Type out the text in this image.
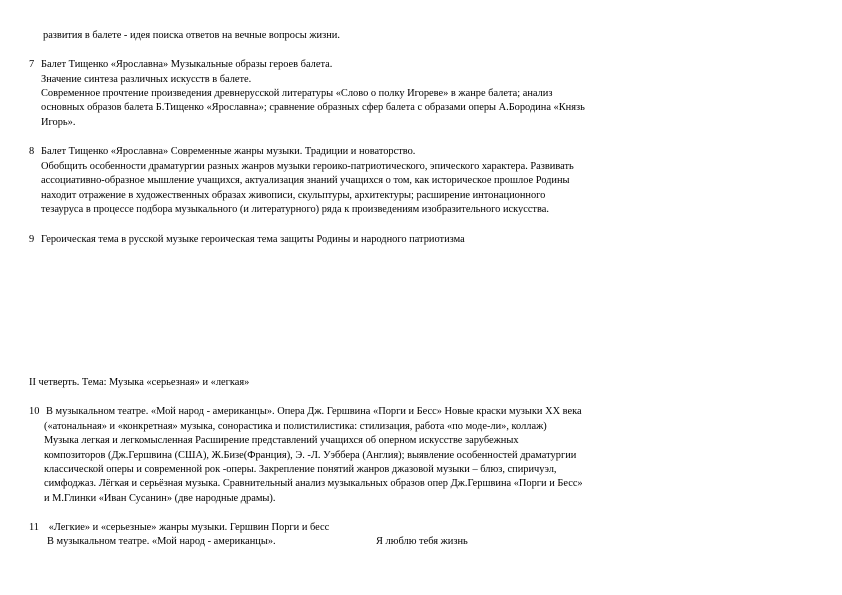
развития в балете - идея поиска ответов на вечные вопросы жизни.
7 Балет Тищенко «Ярославна» Музыкальные образы героев балета.
Значение синтеза различных искусств в балете.
Современное прочтение произведения древнерусской литературы «Слово о полку Игореве» в жанре балета; анализ
основных образов балета Б.Тищенко «Ярославна»; сравнение образных сфер балета с образами оперы А.Бородина «Князь
Игорь».
8 Балет Тищенко «Ярославна» Современные жанры музыки. Традиции и новаторство.
Обобщить особенности драматургии разных жанров музыки героико-патриотического, эпического характера. Развивать
ассоциативно-образное мышление учащихся, актуализация знаний учащихся о том, как историческое прошлое Родины
находит отражение в художественных образах живописи, скульптуры, архитектуры; расширение интонационного
тезауруса в процессе подбора музыкального (и литературного) ряда к произведениям изобразительного искусства.
9 Героическая тема в русской музыке героическая тема защиты Родины и народного патриотизма
II четверть. Тема: Музыка «серьезная» и «легкая»
10 В музыкальном театре. «Мой народ - американцы». Опера Дж. Гершвина «Порги и Бесс» Новые краски музыки XX века
(«атональная» и «конкретная» музыка, сонорастика и полистилистика: стилизация, работа «по моде-ли», коллаж)
Музыка легкая и легкомысленная Расширение представлений учащихся об оперном искусстве зарубежных
композиторов (Дж.Гершвина (США), Ж.Бизе(Франция), Э. -Л. Уэббера (Англия); выявление особенностей драматургии
классической оперы и современной рок -оперы. Закрепление понятий жанров джазовой музыки – блюз, спиричуэл,
симфоджаз. Лёгкая и серьёзная музыка. Сравнительный анализ музыкальных образов опер Дж.Гершвина «Порги и Бесс»
и М.Глинки «Иван Сусанин» (две народные драмы).
11 «Легкие» и «серьезные» жанры музыки. Гершвин Порги и бесс
В музыкальном театре. «Мой народ - американцы».	Я люблю тебя жизнь
